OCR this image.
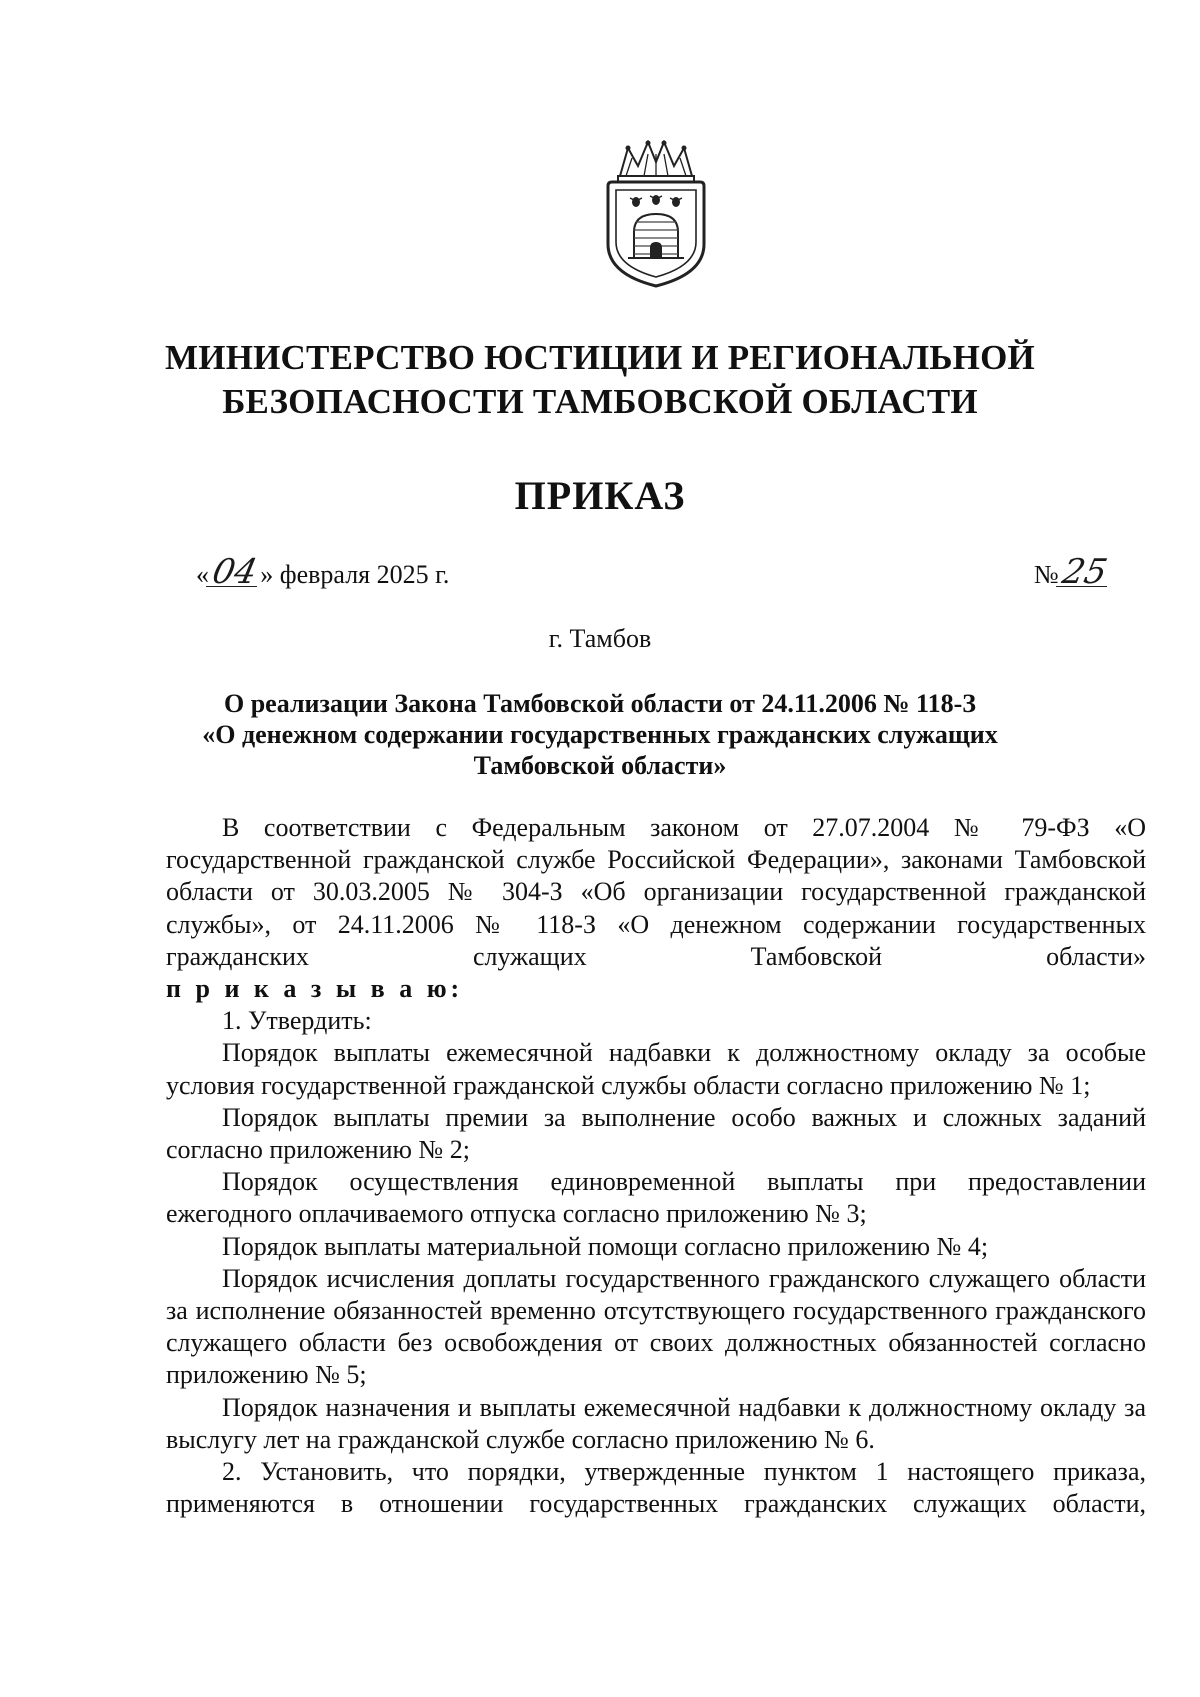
МИНИСТЕРСТВО ЮСТИЦИИ И РЕГИОНАЛЬНОЙ
БЕЗОПАСНОСТИ ТАМБОВСКОЙ ОБЛАСТИ
ПРИКАЗ
«04» февраля 2025 г.	№25
г. Тамбов
О реализации Закона Тамбовской области от 24.11.2006 № 118-З
«О денежном содержании государственных гражданских служащих
Тамбовской области»

В соответствии с Федеральным законом от 27.07.2004 № 79-ФЗ «О государственной гражданской службе Российской Федерации», законами Тамбовской области от 30.03.2005 № 304-З «Об организации государственной гражданской службы», от 24.11.2006 № 118-З «О денежном содержании государственных гражданских служащих Тамбовской области»

п р и к а з ы в а ю:

1. Утвердить:

Порядок выплаты ежемесячной надбавки к должностному окладу за особые условия государственной гражданской службы области согласно приложению № 1;

Порядок выплаты премии за выполнение особо важных и сложных заданий согласно приложению № 2;

Порядок осуществления единовременной выплаты при предоставлении ежегодного оплачиваемого отпуска согласно приложению № 3;

Порядок выплаты материальной помощи согласно приложению № 4;

Порядок исчисления доплаты государственного гражданского служащего области за исполнение обязанностей временно отсутствующего государственного гражданского служащего области без освобождения от своих должностных обязанностей согласно приложению № 5;

Порядок назначения и выплаты ежемесячной надбавки к должностному окладу за выслугу лет на гражданской службе согласно приложению № 6.

2. Установить, что порядки, утвержденные пунктом 1 настоящего приказа, применяются в отношении государственных гражданских служащих области,
